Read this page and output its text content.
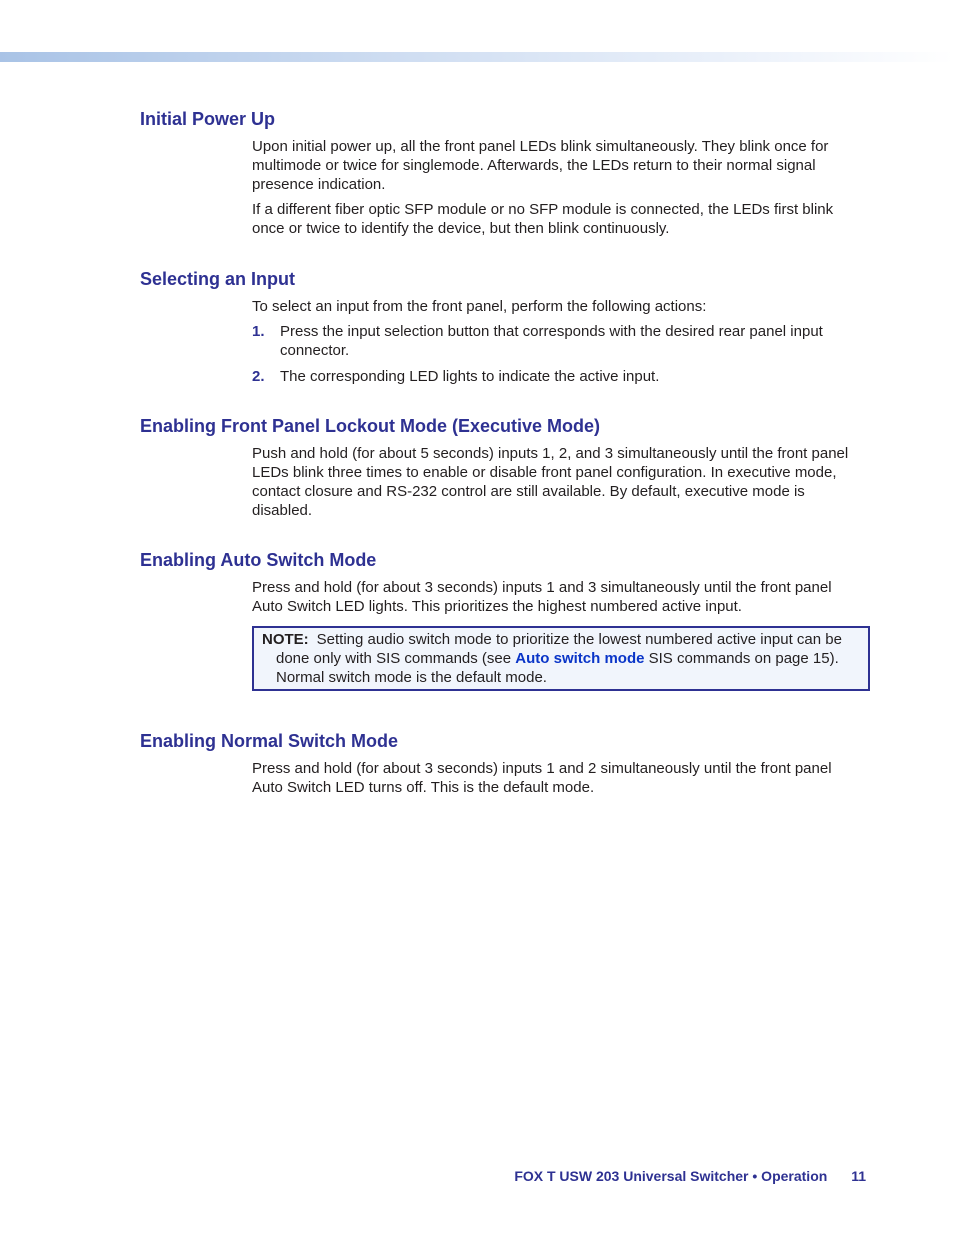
Initial Power Up

Upon initial power up, all the front panel LEDs blink simultaneously. They blink once for multimode or twice for singlemode. Afterwards, the LEDs return to their normal signal presence indication.

If a different fiber optic SFP module or no SFP module is connected, the LEDs first blink once or twice to identify the device, but then blink continuously.

Selecting an Input

To select an input from the front panel, perform the following actions:

1.	Press the input selection button that corresponds with the desired rear panel input connector.
2.	The corresponding LED lights to indicate the active input.
Enabling Front Panel Lockout Mode (Executive Mode)

Push and hold (for about 5 seconds) inputs 1, 2, and 3 simultaneously until the front panel LEDs blink three times to enable or disable front panel configuration. In executive mode, contact closure and RS-232 control are still available. By default, executive mode is disabled.

Enabling Auto Switch Mode

Press and hold (for about 3 seconds) inputs 1 and 3 simultaneously until the front panel Auto Switch LED lights. This prioritizes the highest numbered active input.

NOTE: Setting audio switch mode to prioritize the lowest numbered active input can be done only with SIS commands (see Auto switch mode SIS commands on page 15). Normal switch mode is the default mode.
Enabling Normal Switch Mode

Press and hold (for about 3 seconds) inputs 1 and 2 simultaneously until the front panel Auto Switch LED turns off. This is the default mode.

FOX T USW 203 Universal Switcher • Operation 11
